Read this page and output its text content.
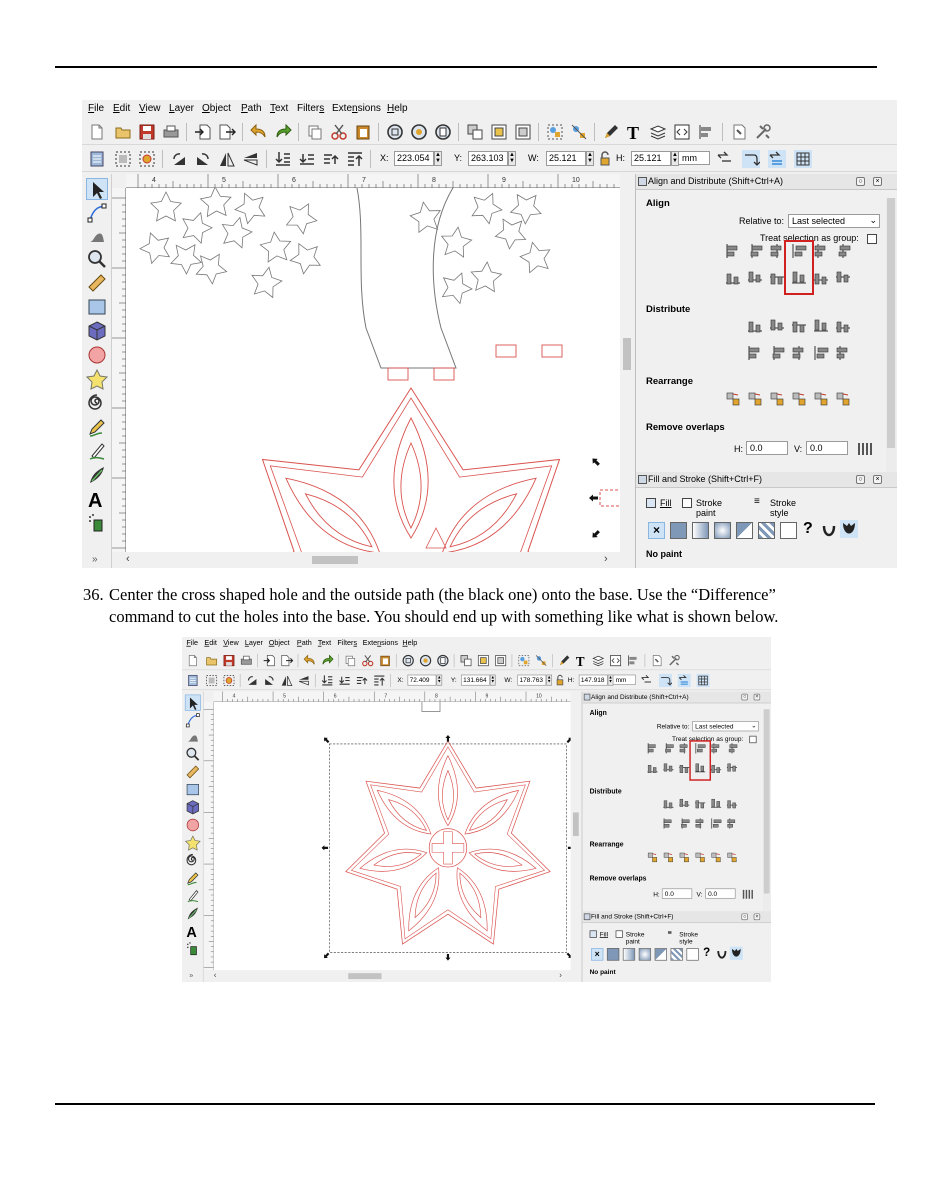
File Edit View Layer Object Path Text Filters Extensions Help
T
X: 223.054 ▲
▼ Y: 263.103 ▲
▼ W:	25.121	▲
▼	H:	25.121	▲
▼ mm
A
4	5	6	7	8	9	10
‹	›
»
Align and Distribute (Shift+Ctrl+A)	○	×
Align
Relative to: Last selected	⌄
Treat selection as group:
Distribute
Rearrange
Remove overlaps
H: 0.0	V: 0.0
Fill and Stroke (Shift+Ctrl+F)	○	×
Fill	Stroke paint
≡ Stroke style
×	?
No paint
36. Center the cross shaped hole and the outside path (the black one) onto the base. Use the “Difference”
command to cut the holes into the base. You should end up with something like what is shown below.
File Edit View Layer Object Path Text Filters Extensions Help
T
X: 72.409	▲
▼ Y: 131.664 ▲
▼ W: 178.763 ▲
▼ H: 147.918 ▲
▼ mm
A
4	5	6	7	8	9	10
‹	›
»
Align and Distribute (Shift+Ctrl+A)	○ ×
Align
Relative to: Last selected ⌄
Treat selection as group:
Distribute
Rearrange
Remove overlaps
H: 0.0	V: 0.0
Fill and Stroke (Shift+Ctrl+F)	○ ×
Fill Stroke paint
≡ Stroke style
×	?
No paint
